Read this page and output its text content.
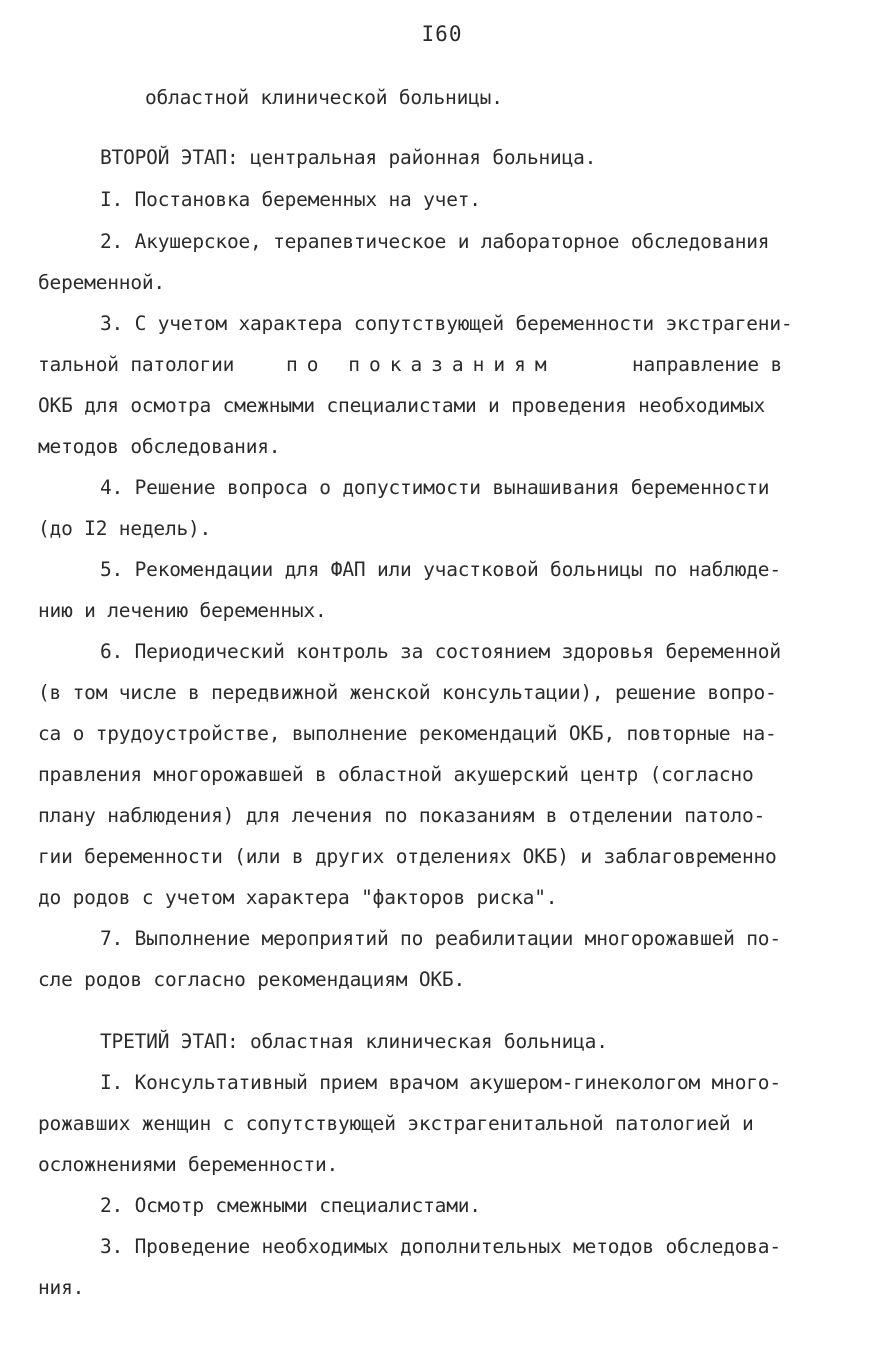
I60
областной клинической больницы.
ВТОРОЙ ЭТАП: центральная районная больница.
I. Постановка беременных на учет.
2. Акушерское, терапевтическое и лабораторное обследования
беременной.
3. С учетом характера сопутствующей беременности экстрагени-
тальной патологии	по показаниям	направление в
ОКБ для осмотра смежными специалистами и проведения необходимых
методов обследования.
4. Решение вопроса о допустимости вынашивания беременности
(до I2 недель).
5. Рекомендации для ФАП или участковой больницы по наблюде-
нию и лечению беременных.
6. Периодический контроль за состоянием здоровья беременной
(в том числе в передвижной женской консультации), решение вопро-
са о трудоустройстве, выполнение рекомендаций ОКБ, повторные на-
правления многорожавшей в областной акушерский центр (согласно
плану наблюдения) для лечения по показаниям в отделении патоло-
гии беременности (или в других отделениях ОКБ) и заблаговременно
до родов с учетом характера "факторов риска".
7. Выполнение мероприятий по реабилитации многорожавшей по-
сле родов согласно рекомендациям ОКБ.
ТРЕТИЙ ЭТАП: областная клиническая больница.
I. Консультативный прием врачом акушером-гинекологом много-
рожавших женщин с сопутствующей экстрагенитальной патологией и
осложнениями беременности.
2. Осмотр смежными специалистами.
3. Проведение необходимых дополнительных методов обследова-
ния.
